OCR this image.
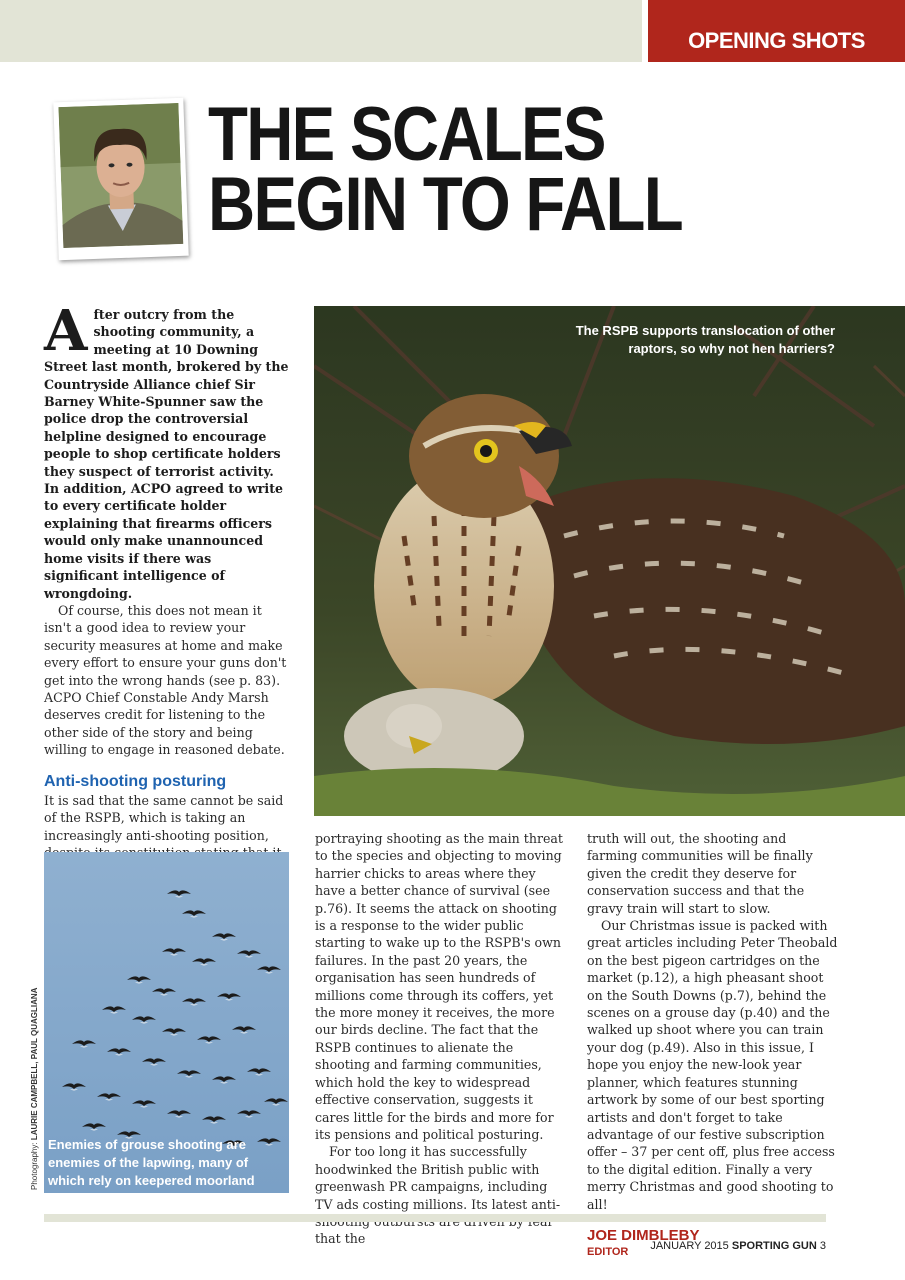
OPENING SHOTS
THE SCALES
BEGIN TO FALL

After outcry from the shooting community, a meeting at 10 Downing Street last month, brokered by the Countryside Alliance chief Sir Barney White-Spunner saw the police drop the controversial helpline designed to encourage people to shop certificate holders they suspect of terrorist activity. In addition, ACPO agreed to write to every certificate holder explaining that firearms officers would only make unannounced home visits if there was significant intelligence of wrongdoing.

Of course, this does not mean it isn't a good idea to review your security measures at home and make every effort to ensure your guns don't get into the wrong hands (see p. 83). ACPO Chief Constable Andy Marsh deserves credit for listening to the other side of the story and being willing to engage in reasoned debate.

Anti-shooting posturing

It is sad that the same cannot be said of the RSPB, which is taking an increasingly anti-shooting position,

The RSPB supports translocation of other raptors, so why not hen harriers?
Enemies of grouse shooting are enemies of the lapwing, many of which rely on keepered moorland
Photography: LAURIE CAMPBELL, PAUL QUAGLIANA

portraying shooting as the main threat to the species and objecting to moving harrier chicks to areas where they have a better chance of survival (see p.76). It seems the attack on shooting is a response to the wider public starting to wake up to the RSPB's own failures. In the past 20 years, the organisation has seen hundreds of millions come through its coffers, yet the more money it receives, the more our birds decline. The fact that the RSPB continues to alienate the shooting and farming communities, which hold the key to widespread effective conservation, suggests it cares little for the birds and more for its pensions and political posturing.

For too long it has successfully hoodwinked the British public with greenwash PR campaigns, including TV ads costing millions. Its latest anti- that the

truth will out, the shooting and farming communities will be finally given the credit they deserve for conservation success and that the gravy train will start to slow.

Our Christmas issue is packed with great articles including Peter Theobald on the best pigeon cartridges on the market (p.12), a high pheasant shoot on the South Downs (p.7), behind the scenes on a grouse day (p.40) and the walked up shoot where you can train your dog (p.49). Also in this issue, I hope you enjoy the new-look year planner, which features stunning artwork by some of our best sporting artists and don't forget to take advantage of our festive subscription offer – 37 per cent off, plus free access to the digital edition. Finally a very merry Christmas and good shooting to all!

JOE DIMBLEBY
EDITOR
JANUARY 2015 SPORTING GUN 3
